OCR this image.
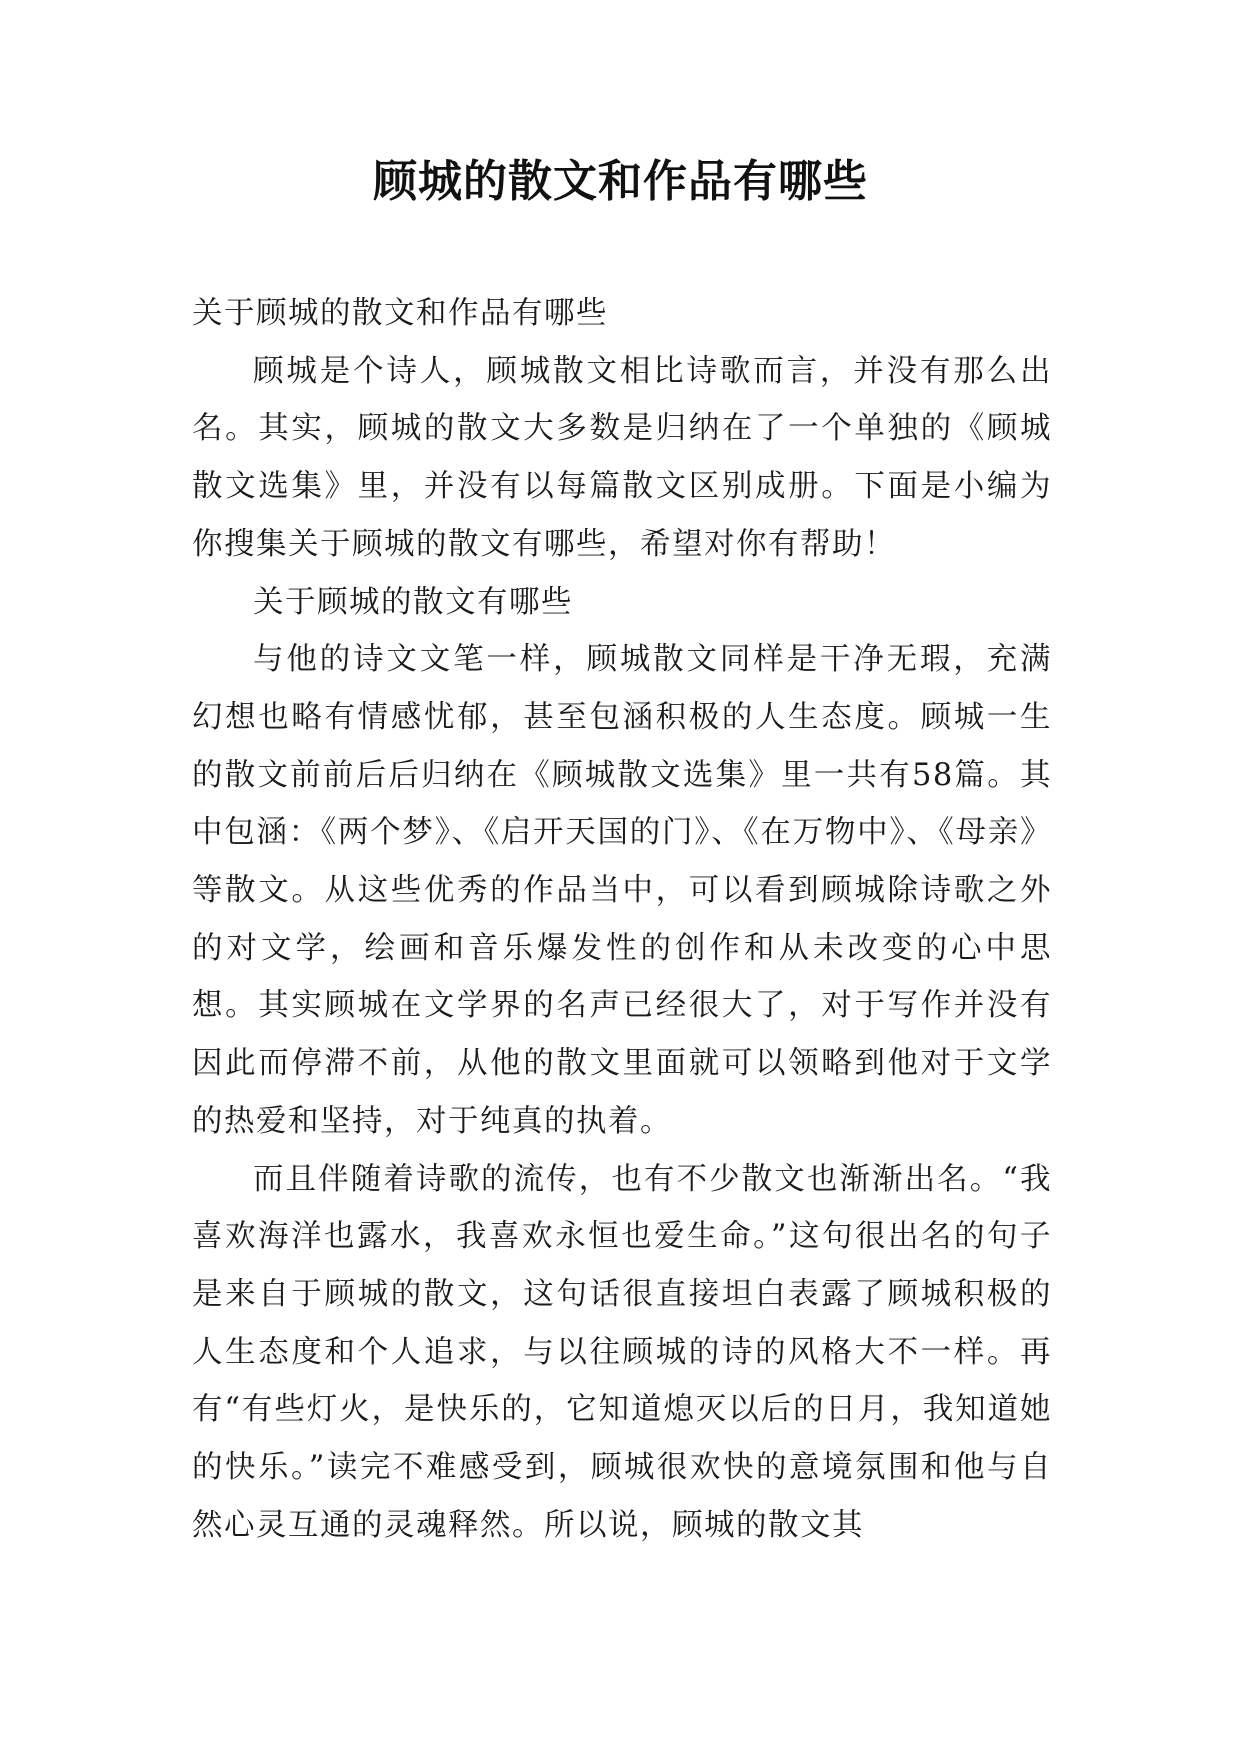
顾城的散文和作品有哪些

关于顾城的散文和作品有哪些

顾城是个诗人，顾城散文相比诗歌而言，并没有那么出名。其实，顾城的散文大多数是归纳在了一个单独的《顾城散文选集》里，并没有以每篇散文区别成册。下面是小编为你搜集关于顾城的散文有哪些，希望对你有帮助！

关于顾城的散文有哪些

与他的诗文文笔一样，顾城散文同样是干净无瑕，充满幻想也略有情感忧郁，甚至包涵积极的人生态度。顾城一生的散文前前后后归纳在《顾城散文选集》里一共有58篇。其中包涵：《两个梦》、《启开天国的门》、《在万物中》、《母亲》等散文。从这些优秀的作品当中，可以看到顾城除诗歌之外的对文学，绘画和音乐爆发性的创作和从未改变的心中思想。其实顾城在文学界的名声已经很大了，对于写作并没有因此而停滞不前，从他的散文里面就可以领略到他对于文学的热爱和坚持，对于纯真的执着。

而且伴随着诗歌的流传，也有不少散文也渐渐出名。“我喜欢海洋也露水，我喜欢永恒也爱生命。”这句很出名的句子是来自于顾城的散文，这句话很直接坦白表露了顾城积极的人生态度和个人追求，与以往顾城的诗的风格大不一样。再有“有些灯火，是快乐的，它知道熄灭以后的日月，我知道她的快乐。”读完不难感受到，顾城很欢快的意境氛围和他与自然心灵互通的灵魂释然。所以说，顾城的散文其
